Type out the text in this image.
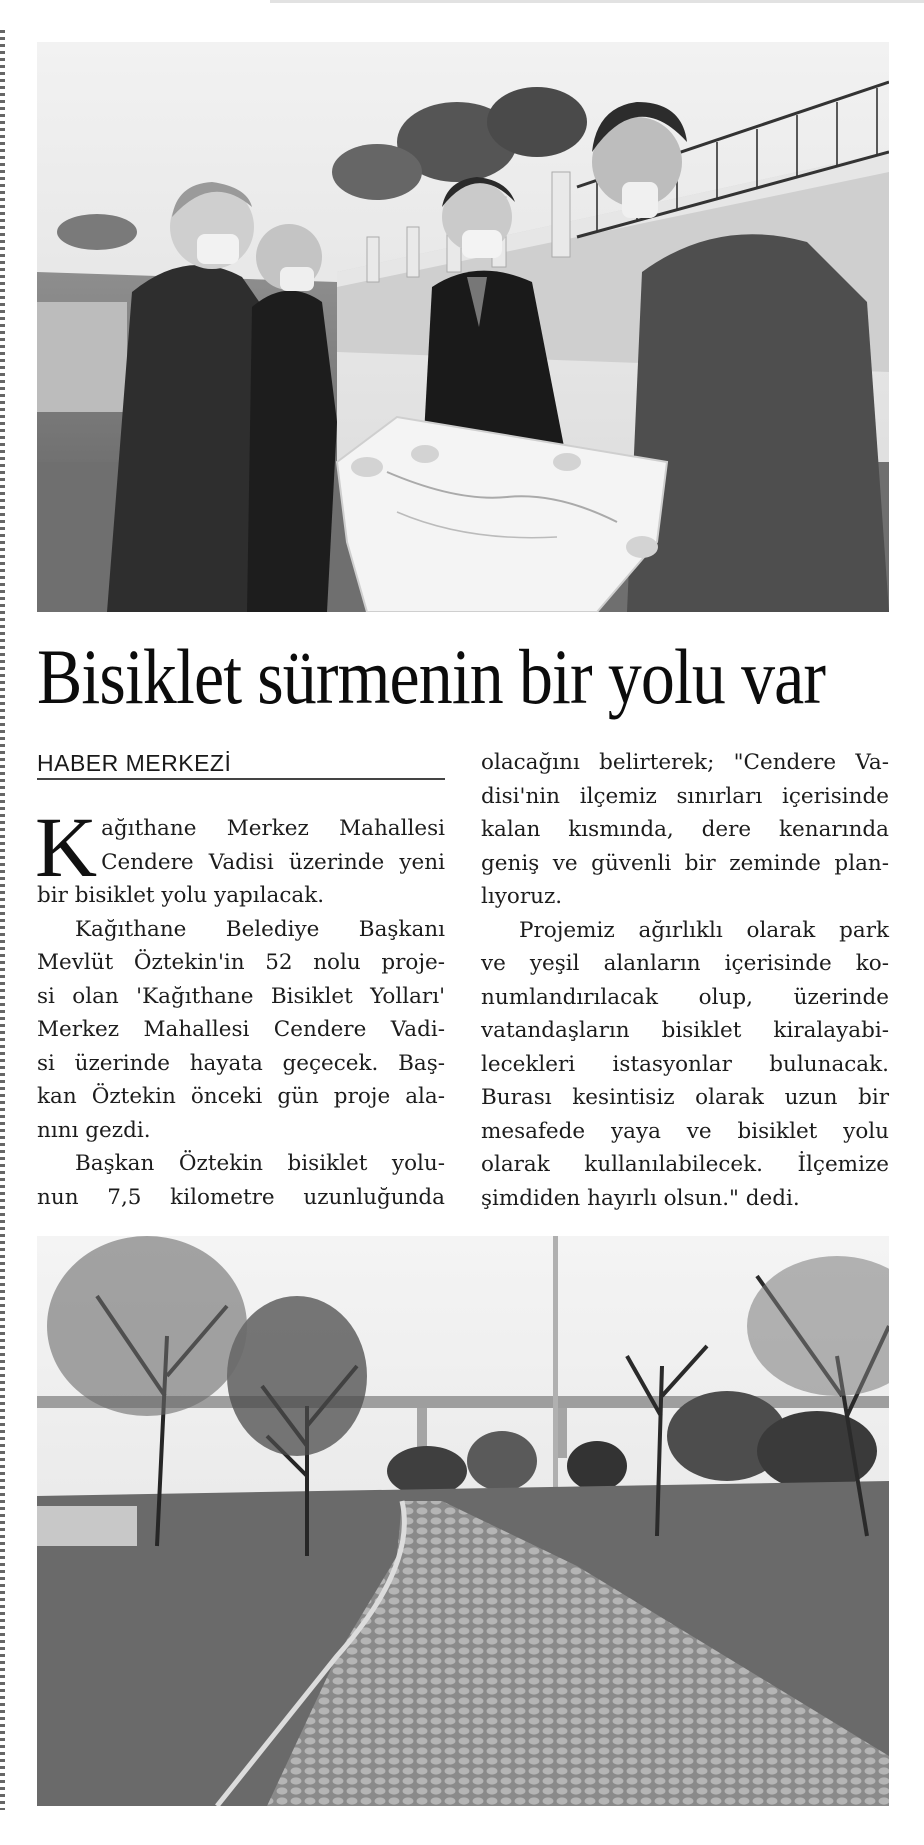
Bisiklet sürmenin bir yolu var
HABER MERKEZİ
K ağıthane Merkez Mahallesi
Cendere Vadisi üzerinde yeni
bir bisiklet yolu yapılacak.
Kağıthane Belediye Başkanı
Mevlüt Öztekin'in 52 nolu proje-
si olan 'Kağıthane Bisiklet Yolları'
Merkez Mahallesi Cendere Vadi-
si üzerinde hayata geçecek. Baş-
kan Öztekin önceki gün proje ala-
nını gezdi.
Başkan Öztekin bisiklet yolu-
nun 7,5 kilometre uzunluğunda
olacağını belirterek; "Cendere Va-
disi'nin ilçemiz sınırları içerisinde
kalan kısmında, dere kenarında
geniş ve güvenli bir zeminde plan-
lıyoruz.
Projemiz ağırlıklı olarak park
ve yeşil alanların içerisinde ko-
numlandırılacak olup, üzerinde
vatandaşların bisiklet kiralayabi-
lecekleri istasyonlar bulunacak.
Burası kesintisiz olarak uzun bir
mesafede yaya ve bisiklet yolu
olarak kullanılabilecek. İlçemize
şimdiden hayırlı olsun." dedi.
